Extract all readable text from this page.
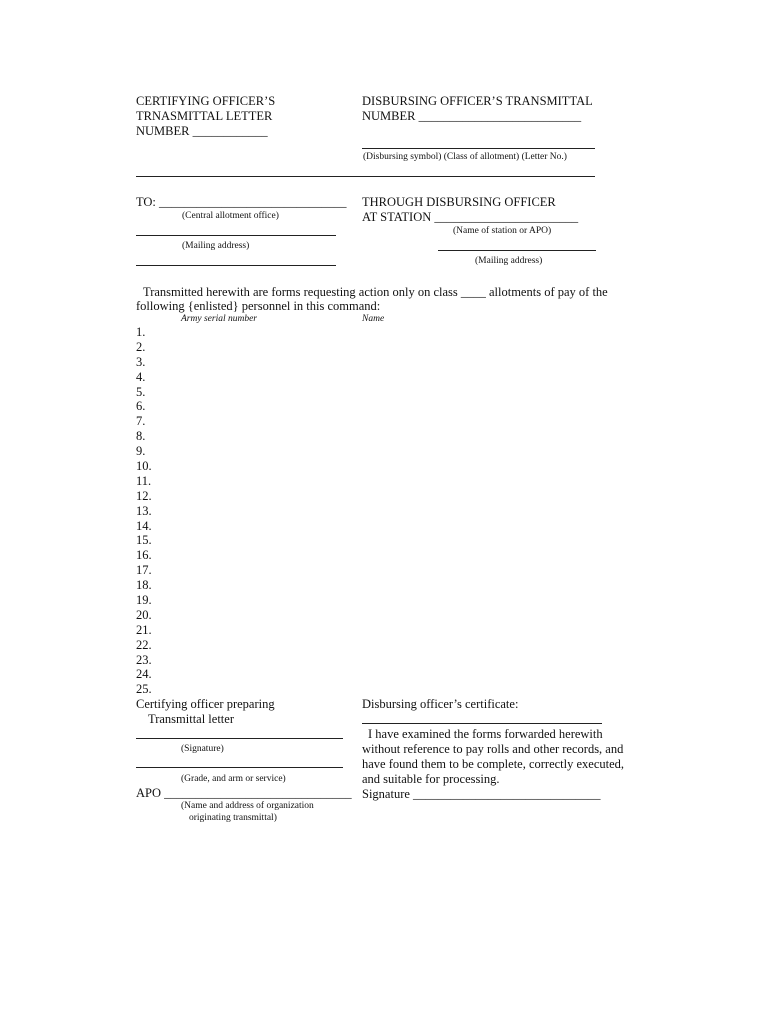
CERTIFYING OFFICER’S
TRNASMITTAL LETTER
NUMBER ____________
DISBURSING OFFICER’S TRANSMITTAL
NUMBER __________________________
(Disbursing symbol) (Class of allotment) (Letter No.)
TO: ______________________________
(Central allotment office)
(Mailing address)
THROUGH DISBURSING OFFICER
AT STATION _______________________
(Name of station or APO)
(Mailing address)
Transmitted herewith are forms requesting action only on class ____ allotments of pay of the
following {enlisted} personnel in this command:
Army serial number	Name
1.
2.
3.
4.
5.
6.
7.
8.
9.
10.
11.
12.
13.
14.
15.
16.
17.
18.
19.
20.
21.
22.
23.
24.
25.
Certifying officer preparing
Transmittal letter
(Signature)
(Grade, and arm or service)
APO ______________________________
(Name and address of organization
originating transmittal)
Disbursing officer’s certificate:
I have examined the forms forwarded herewith
without reference to pay rolls and other records, and
have found them to be complete, correctly executed,
and suitable for processing.
Signature ______________________________
